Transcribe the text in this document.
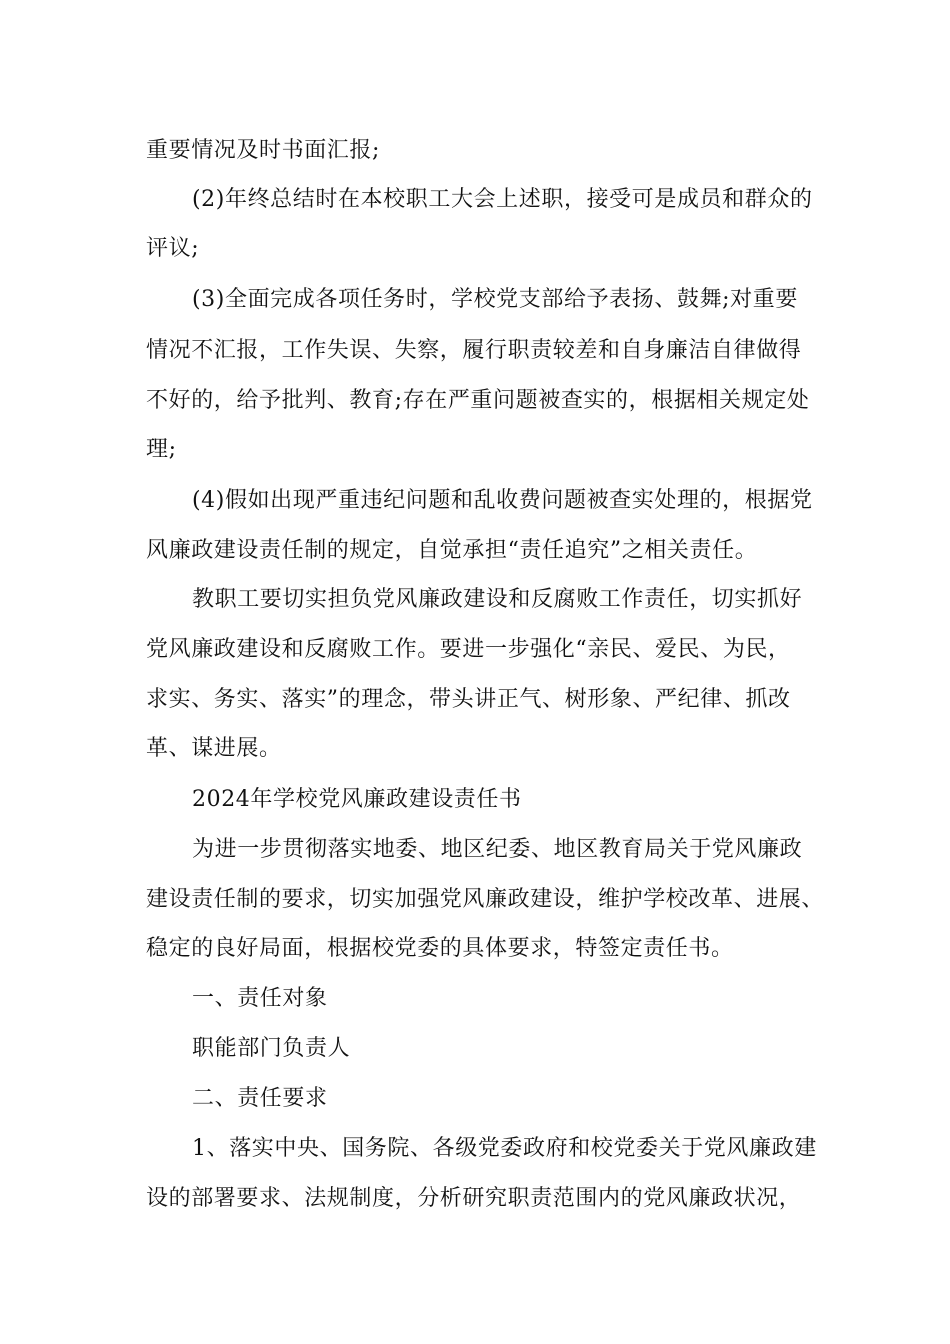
重要情况及时书面汇报;
(2)年终总结时在本校职工大会上述职，接受可是成员和群众的
评议;
(3)全面完成各项任务时，学校党支部给予表扬、鼓舞;对重要
情况不汇报，工作失误、失察，履行职责较差和自身廉洁自律做得
不好的，给予批判、教育;存在严重问题被查实的，根据相关规定处
理;
(4)假如出现严重违纪问题和乱收费问题被查实处理的，根据党
风廉政建设责任制的规定，自觉承担“责任追究”之相关责任。
教职工要切实担负党风廉政建设和反腐败工作责任，切实抓好
党风廉政建设和反腐败工作。要进一步强化“亲民、爱民、为民，
求实、务实、落实”的理念，带头讲正气、树形象、严纪律、抓改
革、谋进展。
2024年学校党风廉政建设责任书
为进一步贯彻落实地委、地区纪委、地区教育局关于党风廉政
建设责任制的要求，切实加强党风廉政建设，维护学校改革、进展、
稳定的良好局面，根据校党委的具体要求，特签定责任书。
一、责任对象
职能部门负责人
二、责任要求
1、落实中央、国务院、各级党委政府和校党委关于党风廉政建
设的部署要求、法规制度，分析研究职责范围内的党风廉政状况，
